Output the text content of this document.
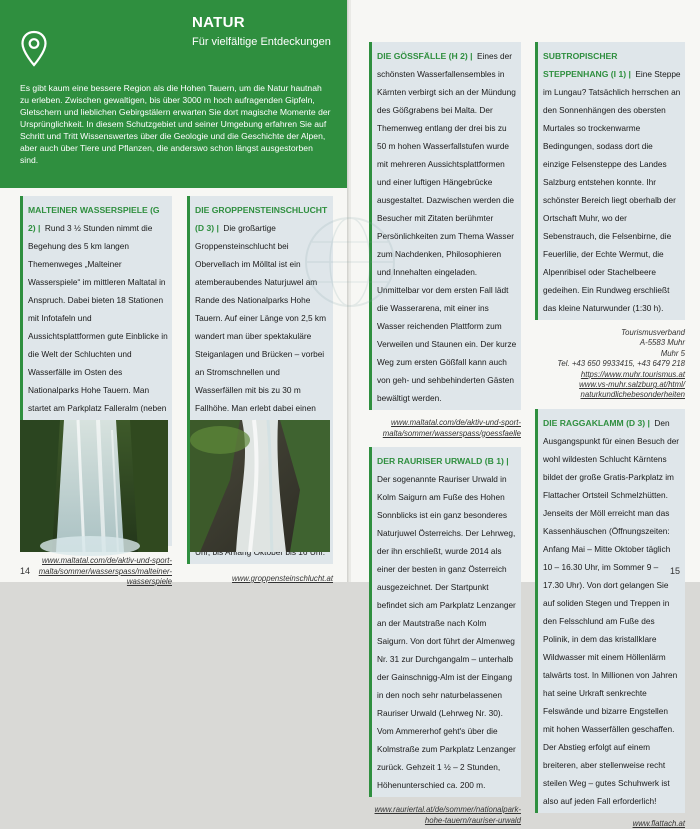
NATUR
Für vielfältige Entdeckungen
Es gibt kaum eine bessere Region als die Hohen Tauern, um die Natur hautnah zu erleben. Zwischen gewaltigen, bis über 3000 m hoch aufragenden Gipfeln, Gletschern und lieblichen Gebirgstälern erwarten Sie dort magische Momente der Ursprünglichkeit. In diesem Schutzgebiet und seiner Umgebung erfahren Sie auf Schritt und Tritt Wissenswertes über die Geologie und die Geschichte der Alpen, aber auch über Tiere und Pflanzen, die anderswo schon längst ausgestorben sind.
MALTEINER WASSERSPIELE (G 2) | Rund 3 ½ Stunden nimmt die Begehung des 5 km langen Themenweges „Malteiner Wasserspiele“ im mittleren Maltatal in Anspruch. Dabei bieten 18 Stationen mit Infotafeln und Aussichtsplattformen gute Einblicke in die Welt der Schluchten und Wasserfälle im Osten des Nationalparks Hohe Tauern. Man startet am Parkplatz Falleralm (neben
www.maltatal.com/de/aktiv-und-sport-malta/sommer/wasserspass/malteiner-wasserspiele
DIE GROPPENSTEINSCHLUCHT (D 3) | Die großartige Groppensteinschlucht bei Obervellach im Mölltal ist ein atemberaubendes Naturjuwel am Rande des Nationalparks Hohe Tauern. Auf einer Länge von 2,5 km wandert man über spektakuläre Steiganlagen und Brücken – vorbei an Stromschnellen und Wasserfällen mit bis zu 30 m Fallhöhe. Man erlebt dabei einen
www.groppensteinschlucht.at
14
DIE GÖSSFÄLLE (H 2) | Eines der schönsten Wasserfallensembles in Kärnten verbirgt sich an der Mündung des Gößgrabens bei Malta. Der Themenweg entlang der drei bis zu 50 m hohen Wasserfallstufen wurde mit mehreren Aussichtsplattformen und einer luftigen Hängebrücke ausgestaltet. Dazwischen werden die Besucher mit Zitaten berühmter Persönlichkeiten zum Thema Wasser zum Nachdenken, Philosophieren und Innehalten eingeladen. Unmittelbar vor dem ersten Fall lädt die Wasserarena, mit einer ins Wasser reichenden Plattform zum Verweilen und Staunen ein. Der kurze Weg zum ersten Gößfall kann auch von geh- und sehbehinderten Gästen bewältigt werden.
www.maltatal.com/de/aktiv-und-sport-malta/sommer/wasserspass/goessfaelle
DER RAURISER URWALD (B 1) | Der sogenannte Rauriser Urwald in Kolm Saigurn am Fuße des Hohen Sonnblicks ist ein ganz besonderes Naturjuwel Österreichs. Der Lehrweg, der ihn erschließt, wurde 2014 als einer der besten in ganz Österreich ausgezeichnet. Der Startpunkt befindet sich am Parkplatz Lenzanger an der Mautstraße nach Kolm Saigurn. Von dort führt der Almenweg Nr. 31 zur Durchgangalm – unterhalb der Gainschnigg-Alm ist der Eingang in den noch sehr naturbelassenen Rauriser Urwald (Lehrweg Nr. 30). Vom Ammererhof geht's über die Kolmstraße zum Parkplatz Lenzanger zurück. Gehzeit 1 ½ – 2 Stunden, Höhenunterschied ca. 200 m.
www.rauriertal.at/de/sommer/nationalpark-hohe-tauern/rauriser-urwald
SUBTROPISCHER STEPPENHANG (I 1) | Eine Steppe im Lungau? Tatsächlich herrschen an den Sonnenhängen des obersten Murtales so trockenwarme Bedingungen, sodass dort die einzige Felsensteppe des Landes Salzburg entstehen konnte. Ihr schönster Bereich liegt oberhalb der Ortschaft Muhr, wo der Sebenstrauch, die Felsenbirne, die Feuerlilie, der Echte Wermut, die Alpenribisel oder Stachelbeere gedeihen. Ein Rundweg erschließt das kleine Naturwunder (1:30 h).
Tourismusverband
A-5583 Muhr
Muhr 5
Tel. +43 650 9933415, +43 6479 218
https://www.muhr.tourismus.at
www.vs-muhr.salzburg.at/html/
naturkundlichebesonderheiten
DIE RAGGAKLAMM (D 3) | Den Ausgangspunkt für einen Besuch der wohl wildesten Schlucht Kärntens bildet der große Gratis-Parkplatz im Flattacher Ortsteil Schmelzhütten. Jenseits der Möll erreicht man das Kassenhäuschen (Öffnungszeiten: Anfang Mai – Mitte Oktober täglich 10 – 16.30 Uhr, im Sommer 9 – 17.30 Uhr). Von dort gelangen Sie auf soliden Stegen und Treppen in den Felsschlund am Fuße des Polinik, in dem das kristallklare Wildwasser mit einem Höllenlärm talwärts tost. In Millionen von Jahren hat seine Urkraft senkrechte Felswände und bizarre Engstellen mit hohen Wasserfällen geschaffen. Der Abstieg erfolgt auf einem breiteren, aber stellenweise recht steilen Weg – gutes Schuhwerk ist also auf jeden Fall erforderlich!
www.flattach.at
15
